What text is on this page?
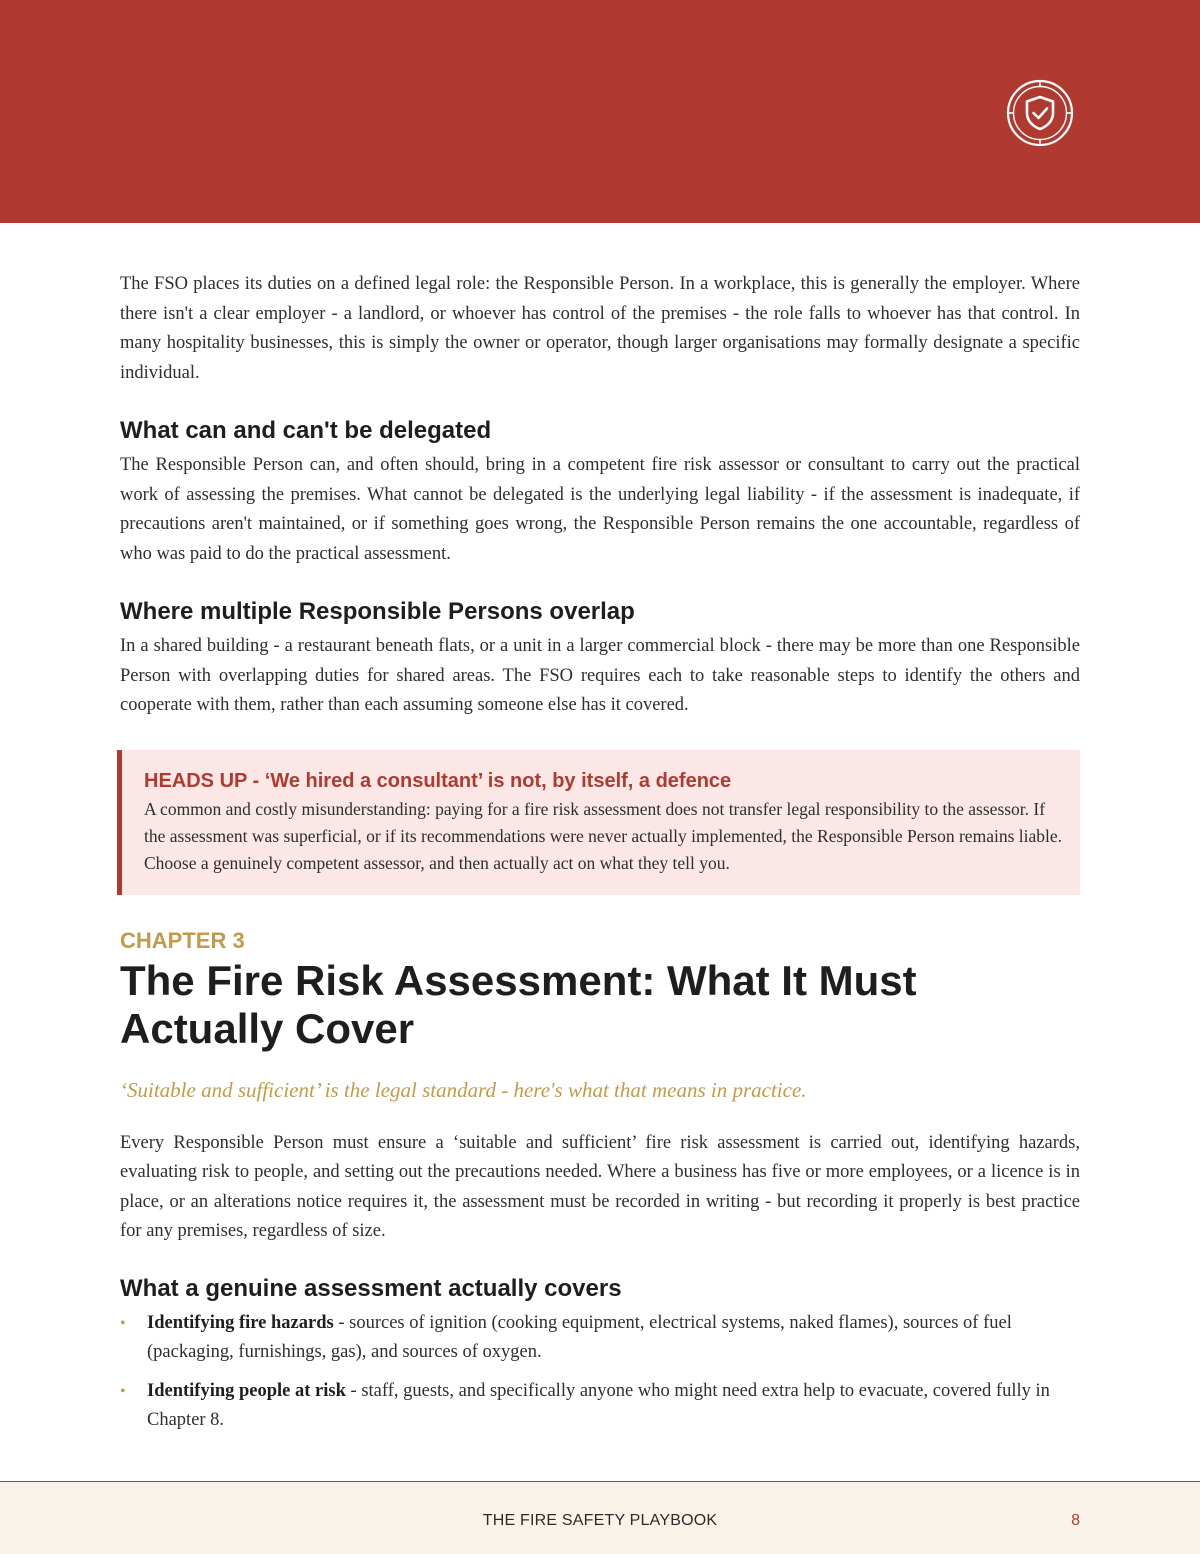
The FSO places its duties on a defined legal role: the Responsible Person. In a workplace, this is generally the employer. Where there isn't a clear employer - a landlord, or whoever has control of the premises - the role falls to whoever has that control. In many hospitality businesses, this is simply the owner or operator, though larger organisations may formally designate a specific individual.

What can and can't be delegated

The Responsible Person can, and often should, bring in a competent fire risk assessor or consultant to carry out the practical work of assessing the premises. What cannot be delegated is the underlying legal liability - if the assessment is inadequate, if precautions aren't maintained, or if something goes wrong, the Responsible Person remains the one accountable, regardless of who was paid to do the practical assessment.

Where multiple Responsible Persons overlap

In a shared building - a restaurant beneath flats, or a unit in a larger commercial block - there may be more than one Responsible Person with overlapping duties for shared areas. The FSO requires each to take reasonable steps to identify the others and cooperate with them, rather than each assuming someone else has it covered.

HEADS UP - ‘We hired a consultant’ is not, by itself, a defence

A common and costly misunderstanding: paying for a fire risk assessment does not transfer legal responsibility to the assessor. If the assessment was superficial, or if its recommendations were never actually implemented, the Responsible Person remains liable. Choose a genuinely competent assessor, and then actually act on what they tell you.

CHAPTER 3

The Fire Risk Assessment: What It Must Actually Cover

‘Suitable and sufficient’ is the legal standard - here's what that means in practice.

Every Responsible Person must ensure a ‘suitable and sufficient’ fire risk assessment is carried out, identifying hazards, evaluating risk to people, and setting out the precautions needed. Where a business has five or more employees, or a licence is in place, or an alterations notice requires it, the assessment must be recorded in writing - but recording it properly is best practice for any premises, regardless of size.

What a genuine assessment actually covers
• Identifying fire hazards - sources of ignition (cooking equipment, electrical systems, naked flames), sources of fuel (packaging, furnishings, gas), and sources of oxygen.
• Identifying people at risk - staff, guests, and specifically anyone who might need extra help to evacuate, covered fully in Chapter 8.
THE FIRE SAFETY PLAYBOOK	8
